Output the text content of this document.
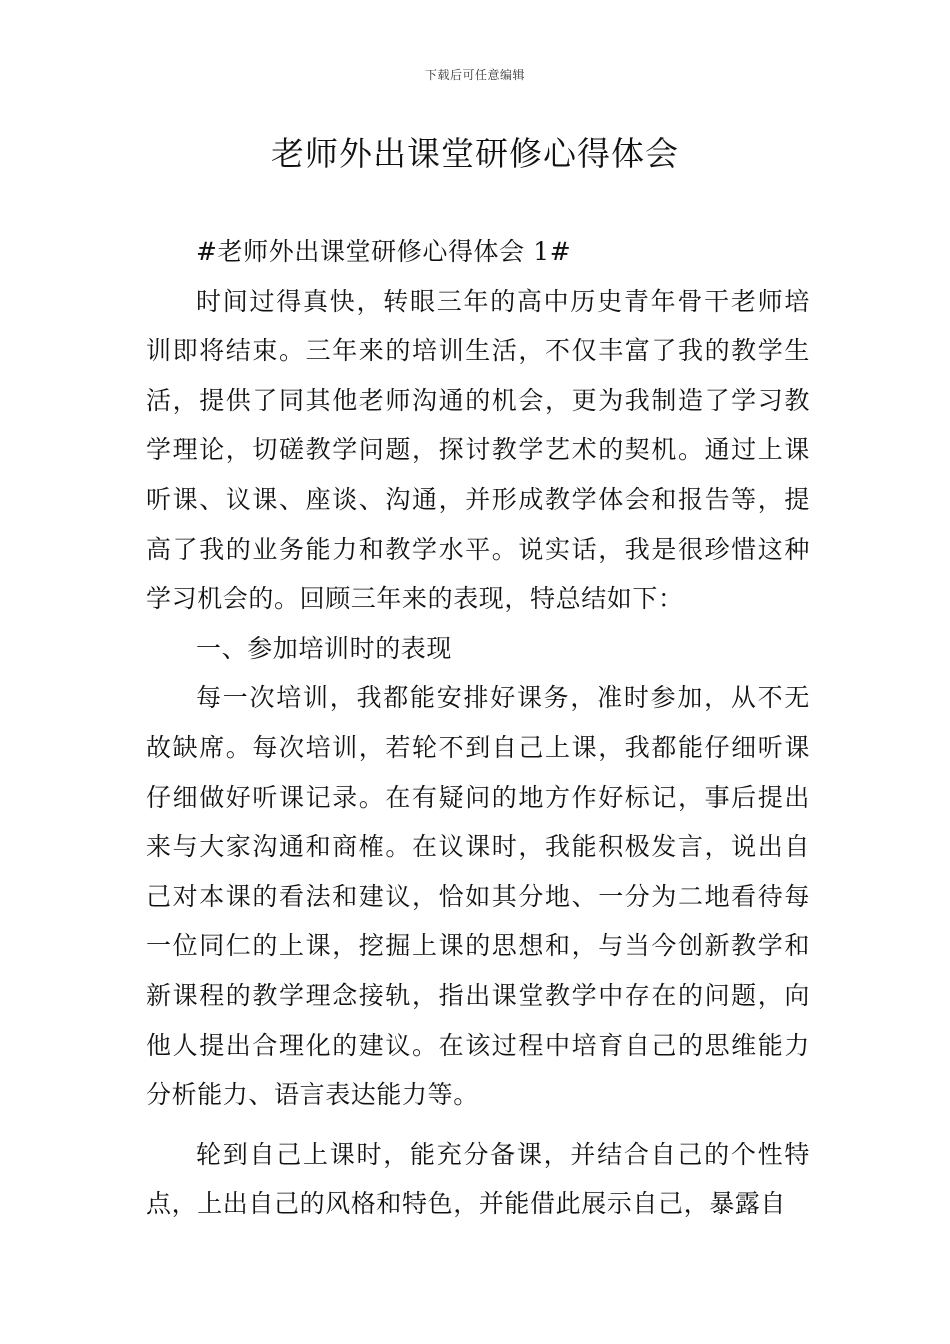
下载后可任意编辑
老师外出课堂研修心得体会

#老师外出课堂研修心得体会 1#

时间过得真快，转眼三年的高中历史青年骨干老师培训即将结束。三年来的培训生活，不仅丰富了我的教学生活，提供了同其他老师沟通的机会，更为我制造了学习教学理论，切磋教学问题，探讨教学艺术的契机。通过上课听课、议课、座谈、沟通，并形成教学体会和报告等，提高了我的业务能力和教学水平。说实话，我是很珍惜这种学习机会的。回顾三年来的表现，特总结如下：

一、参加培训时的表现

每一次培训，我都能安排好课务，准时参加，从不无故缺席。每次培训，若轮不到自己上课，我都能仔细听课仔细做好听课记录。在有疑问的地方作好标记，事后提出来与大家沟通和商榷。在议课时，我能积极发言，说出自己对本课的看法和建议，恰如其分地、一分为二地看待每一位同仁的上课，挖掘上课的思想和，与当今创新教学和新课程的教学理念接轨，指出课堂教学中存在的问题，向他人提出合理化的建议。在该过程中培育自己的思维能力分析能力、语言表达能力等。

轮到自己上课时，能充分备课，并结合自己的个性特点，上出自己的风格和特色，并能借此展示自己，暴露自
